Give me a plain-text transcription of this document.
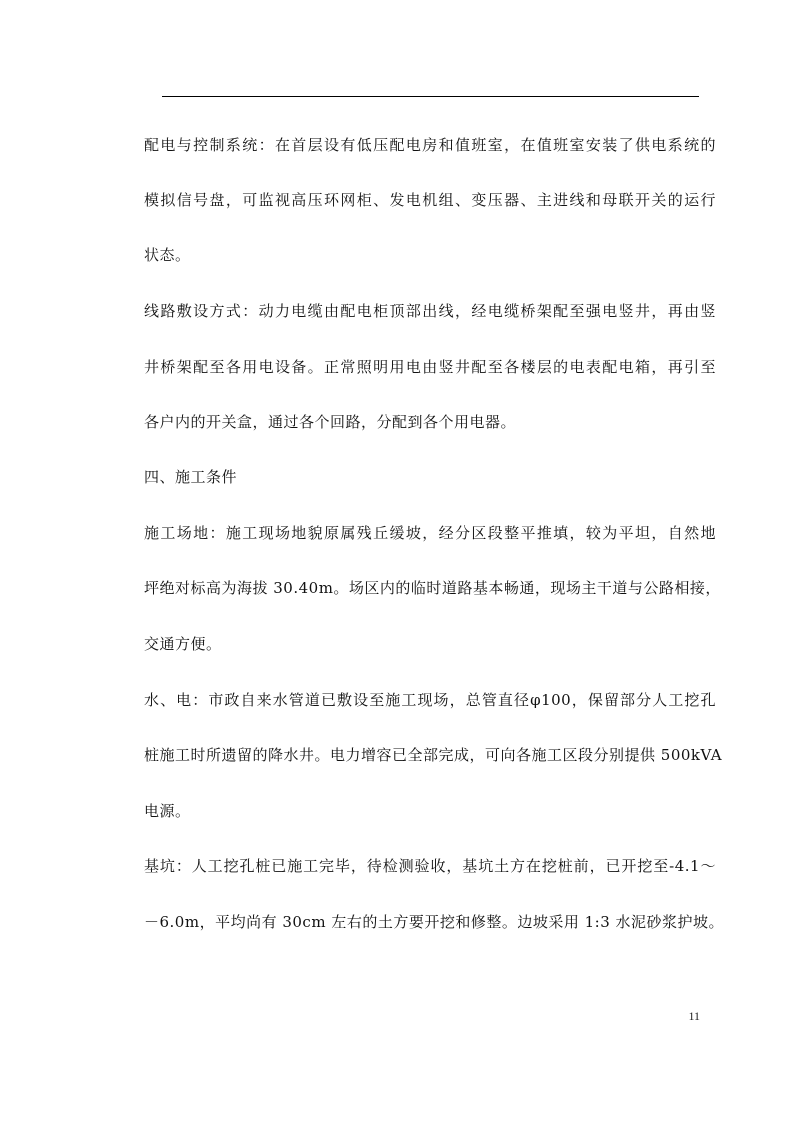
配电与控制系统：在首层设有低压配电房和值班室，在值班室安装了供电系统的
模拟信号盘，可监视高压环网柜、发电机组、变压器、主进线和母联开关的运行
状态。
线路敷设方式：动力电缆由配电柜顶部出线，经电缆桥架配至强电竖井，再由竖
井桥架配至各用电设备。正常照明用电由竖井配至各楼层的电表配电箱，再引至
各户内的开关盒，通过各个回路，分配到各个用电器。
四、施工条件
施工场地：施工现场地貌原属残丘缓坡，经分区段整平推填，较为平坦，自然地
坪绝对标高为海拔 30.40m。场区内的临时道路基本畅通，现场主干道与公路相接，
交通方便。
水、电：市政自来水管道已敷设至施工现场，总管直径φ100，保留部分人工挖孔
桩施工时所遗留的降水井。电力增容已全部完成，可向各施工区段分别提供 500kVA
电源。
基坑：人工挖孔桩已施工完毕，待检测验收，基坑土方在挖桩前，已开挖至-4.1～
－6.0m，平均尚有 30cm 左右的土方要开挖和修整。边坡采用 1:3 水泥砂浆护坡。
11
